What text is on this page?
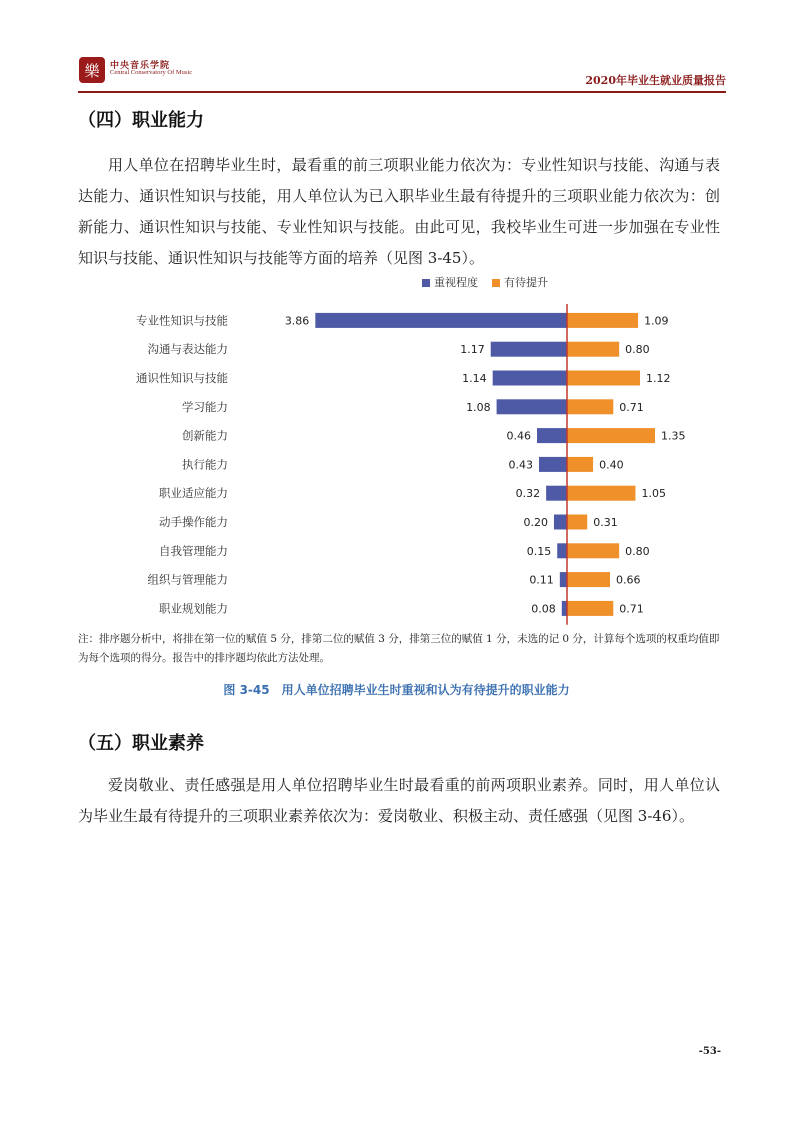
樂 中央音乐学院
Central Conservatory Of Music
2020年毕业生就业质量报告
（四）职业能力
用人单位在招聘毕业生时，最看重的前三项职业能力依次为：专业性知识与技能、沟通与表达能力、通识性知识与技能，用人单位认为已入职毕业生最有待提升的三项职业能力依次为：创新能力、通识性知识与技能、专业性知识与技能。由此可见，我校毕业生可进一步加强在专业性知识与技能、通识性知识与技能等方面的培养（见图 3-45）。
重视程度 有待提升
专业性知识与技能	3.86	1.09
沟通与表达能力	1.17	0.80
通识性知识与技能	1.14	1.12
学习能力	1.08	0.71
创新能力	0.46	1.35
执行能力	0.43	0.40
职业适应能力	0.32	1.05
动手操作能力	0.20	0.31
自我管理能力	0.15	0.80
组织与管理能力	0.11	0.66
职业规划能力	0.08	0.71
注：排序题分析中，将排在第一位的赋值 5 分，排第二位的赋值 3 分，排第三位的赋值 1 分，未选的记 0 分，计算每个选项的权重均值即为每个选项的得分。报告中的排序题均依此方法处理。
图 3-45　用人单位招聘毕业生时重视和认为有待提升的职业能力
（五）职业素养
爱岗敬业、责任感强是用人单位招聘毕业生时最看重的前两项职业素养。同时，用人单位认为毕业生最有待提升的三项职业素养依次为：爱岗敬业、积极主动、责任感强（见图 3-46）。
-53-
